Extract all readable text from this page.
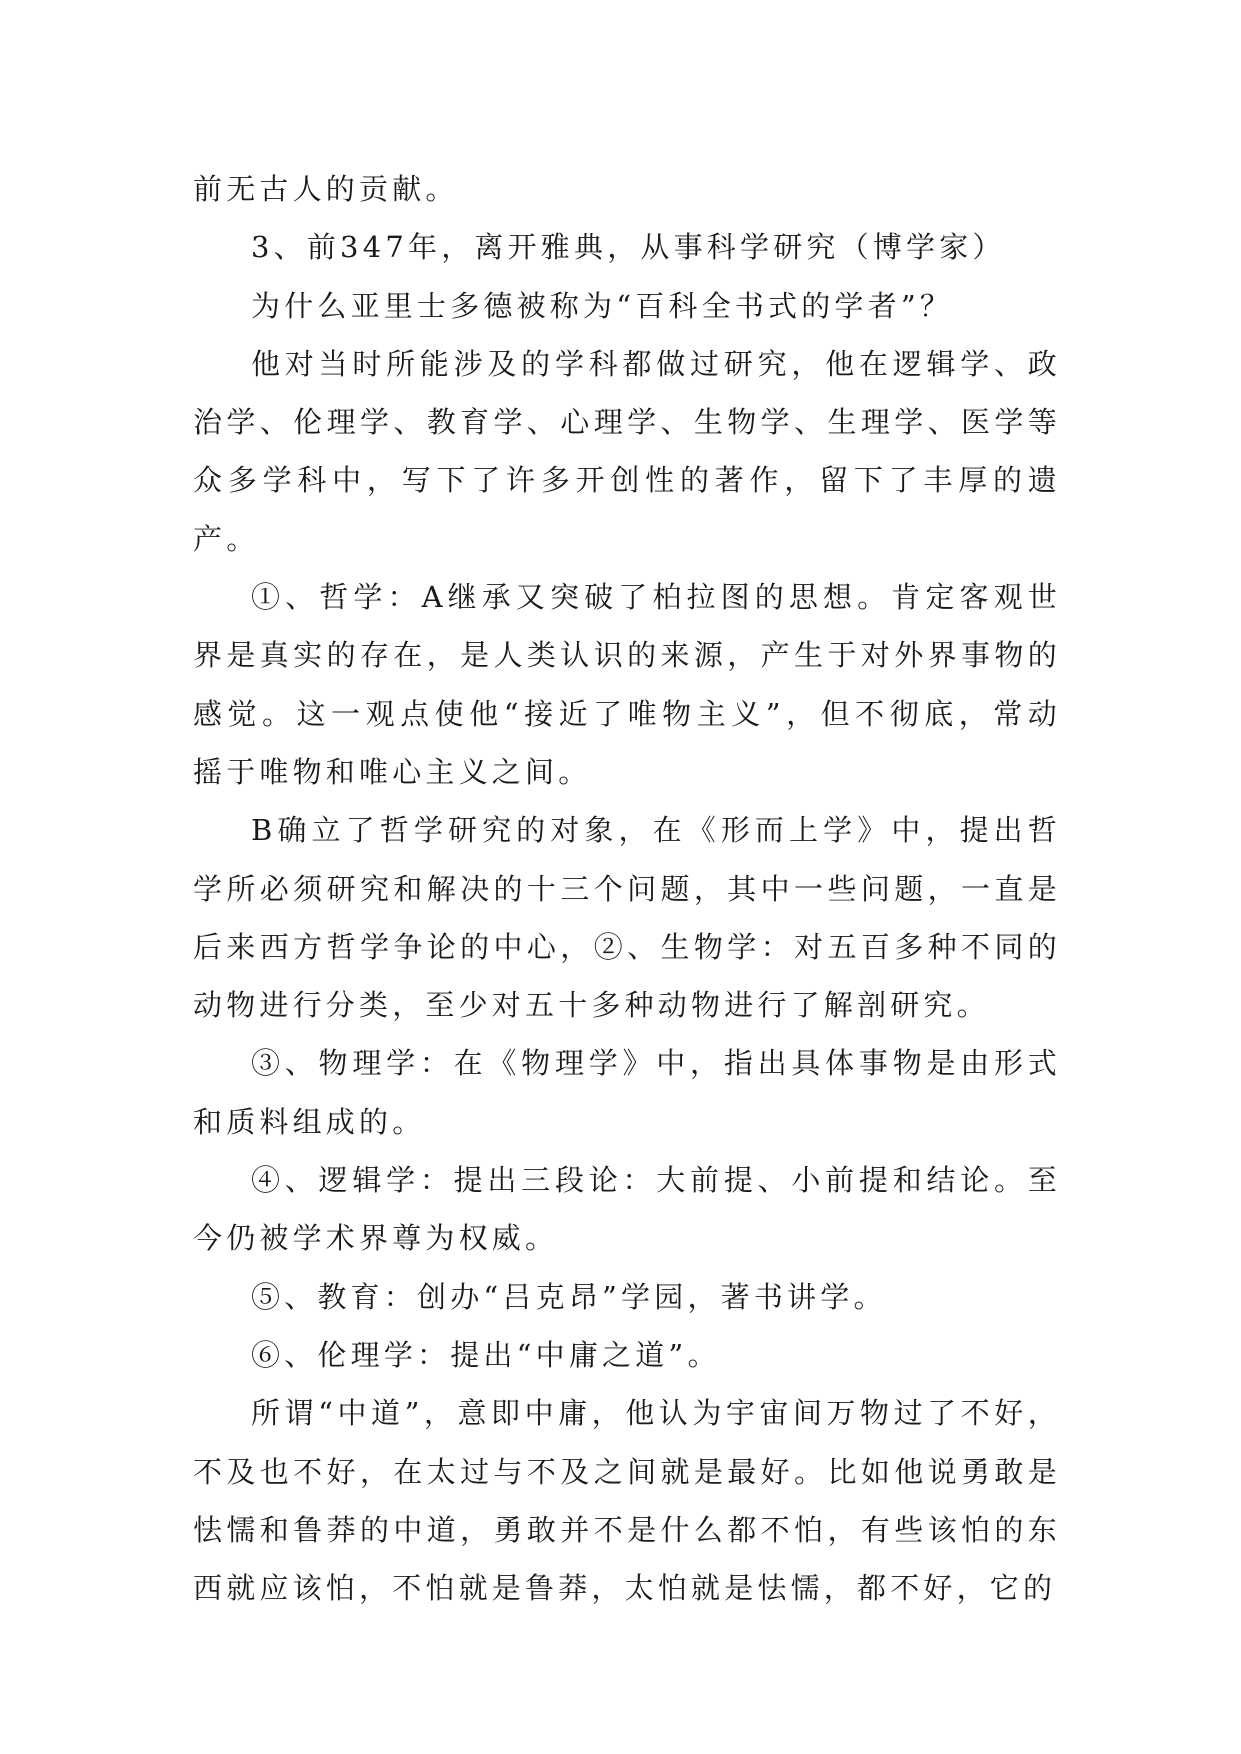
前无古人的贡献。

3、前347年，离开雅典，从事科学研究（博学家）

为什么亚里士多德被称为“百科全书式的学者”？

他对当时所能涉及的学科都做过研究，他在逻辑学、政治学、伦理学、教育学、心理学、生物学、生理学、医学等众多学科中，写下了许多开创性的著作，留下了丰厚的遗产。

①、哲学：A继承又突破了柏拉图的思想。肯定客观世界是真实的存在，是人类认识的来源，产生于对外界事物的感觉。这一观点使他“接近了唯物主义”，但不彻底，常动摇于唯物和唯心主义之间。

B确立了哲学研究的对象，在《形而上学》中，提出哲学所必须研究和解决的十三个问题，其中一些问题，一直是后来西方哲学争论的中心，②、生物学：对五百多种不同的动物进行分类，至少对五十多种动物进行了解剖研究。

③、物理学：在《物理学》中，指出具体事物是由形式和质料组成的。

④、逻辑学：提出三段论：大前提、小前提和结论。至今仍被学术界尊为权威。

⑤、教育：创办“吕克昂”学园，著书讲学。

⑥、伦理学：提出“中庸之道”。

所谓“中道”，意即中庸，他认为宇宙间万物过了不好，不及也不好，在太过与不及之间就是最好。比如他说勇敢是怯懦和鲁莽的中道，勇敢并不是什么都不怕，有些该怕的东西就应该怕，不怕就是鲁莽，太怕就是怯懦，都不好，它的
